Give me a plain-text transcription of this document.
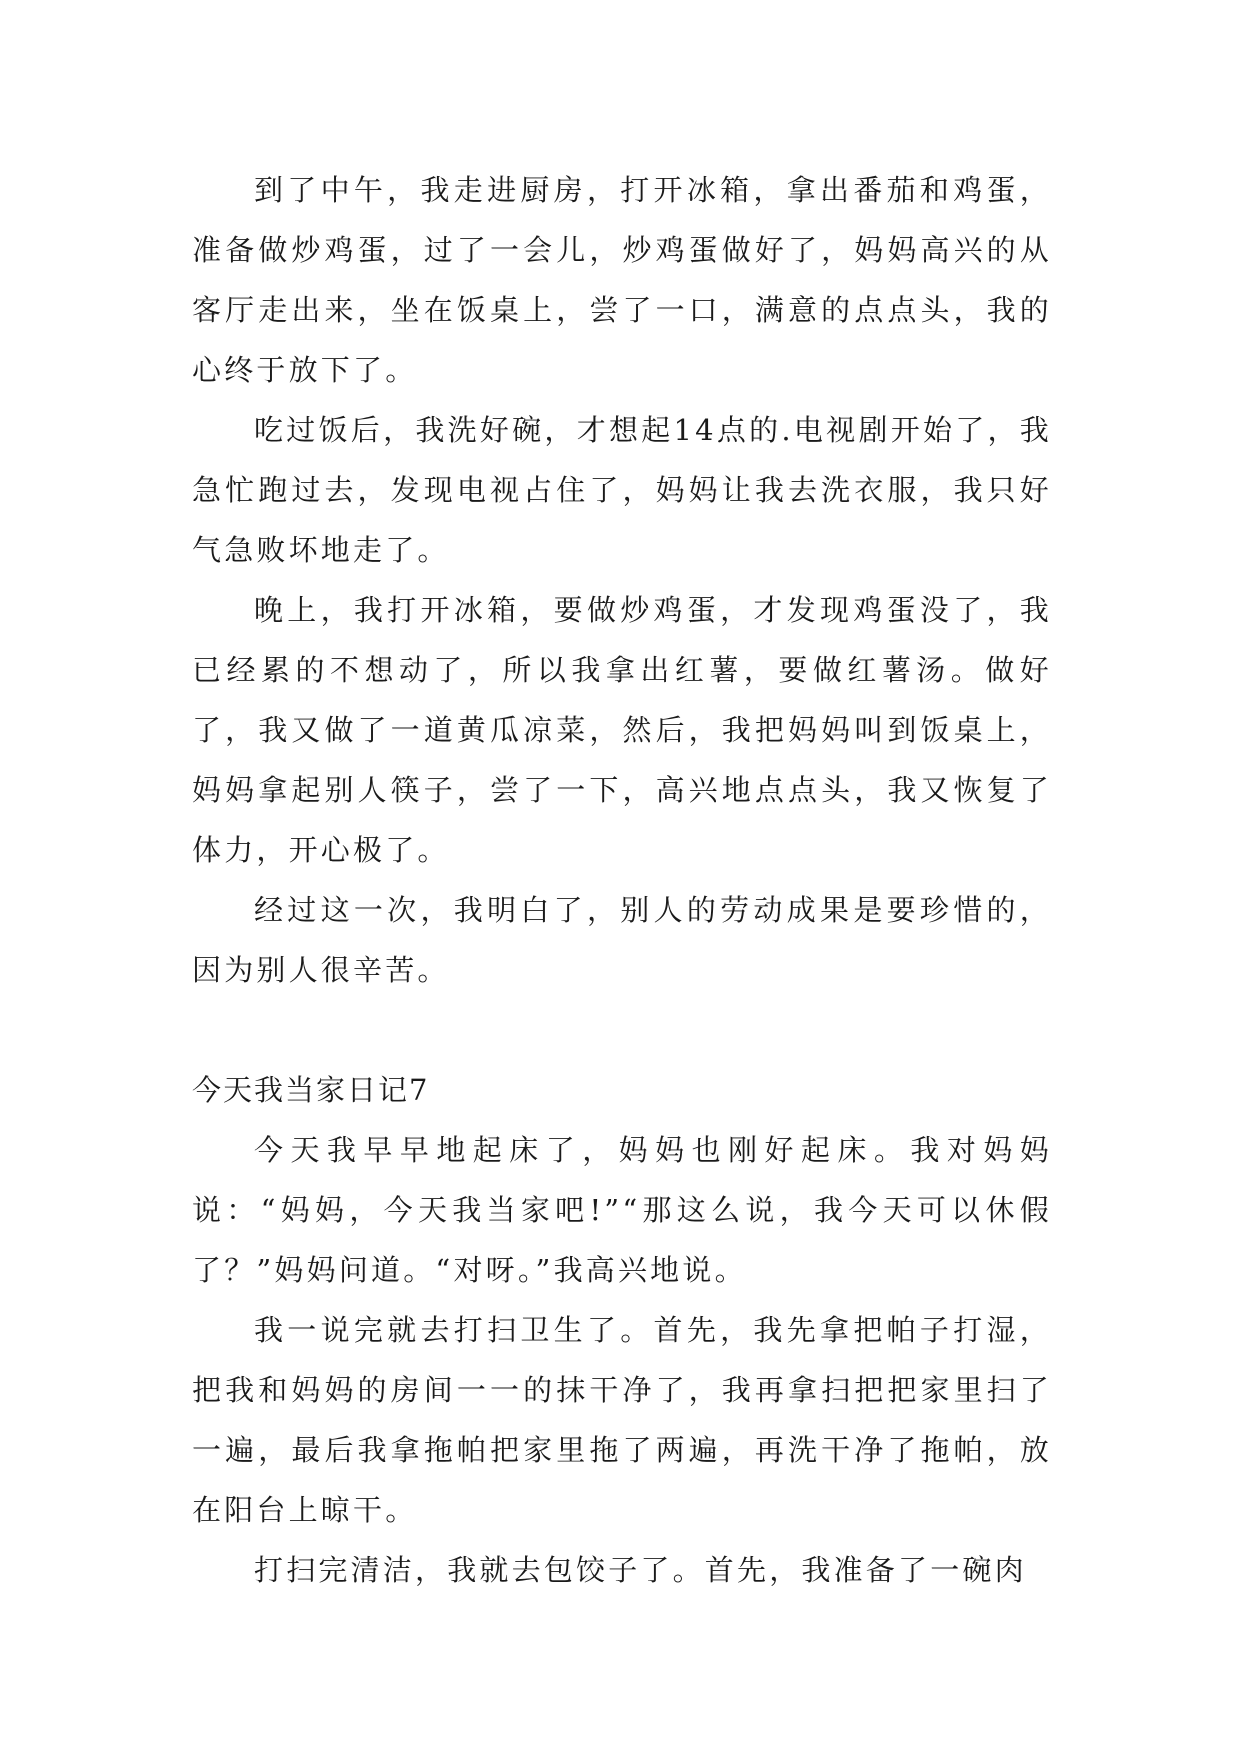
到了中午，我走进厨房，打开冰箱，拿出番茄和鸡蛋，准备做炒鸡蛋，过了一会儿，炒鸡蛋做好了，妈妈高兴的从客厅走出来，坐在饭桌上，尝了一口，满意的点点头，我的心终于放下了。

吃过饭后，我洗好碗，才想起14点的.电视剧开始了，我急忙跑过去，发现电视占住了，妈妈让我去洗衣服，我只好气急败坏地走了。

晚上，我打开冰箱，要做炒鸡蛋，才发现鸡蛋没了，我已经累的不想动了，所以我拿出红薯，要做红薯汤。做好了，我又做了一道黄瓜凉菜，然后，我把妈妈叫到饭桌上，妈妈拿起别人筷子，尝了一下，高兴地点点头，我又恢复了体力，开心极了。

经过这一次，我明白了，别人的劳动成果是要珍惜的，因为别人很辛苦。

今天我当家日记7

今天我早早地起床了，妈妈也刚好起床。我对妈妈说：“妈妈，今天我当家吧!”“那这么说，我今天可以休假了？”妈妈问道。“对呀。”我高兴地说。

我一说完就去打扫卫生了。首先，我先拿把帕子打湿，把我和妈妈的房间一一的抹干净了，我再拿扫把把家里扫了一遍，最后我拿拖帕把家里拖了两遍，再洗干净了拖帕，放在阳台上晾干。

打扫完清洁，我就去包饺子了。首先，我准备了一碗肉
